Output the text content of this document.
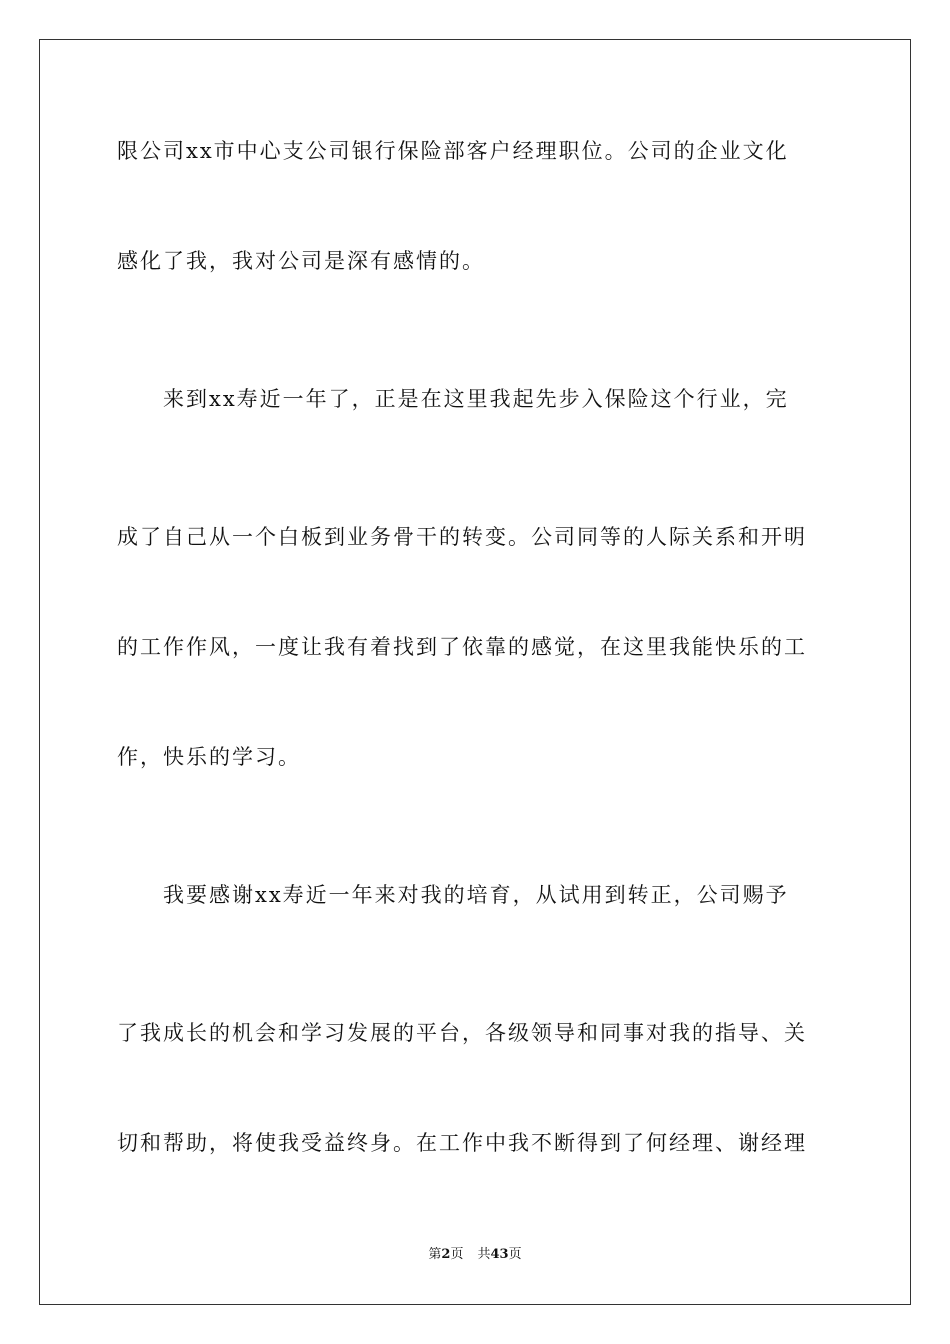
限公司xx市中心支公司银行保险部客户经理职位。公司的企业文化
感化了我，我对公司是深有感情的。
　　来到xx寿近一年了，正是在这里我起先步入保险这个行业，完
成了自己从一个白板到业务骨干的转变。公司同等的人际关系和开明
的工作作风，一度让我有着找到了依靠的感觉，在这里我能快乐的工
作，快乐的学习。
　　我要感谢xx寿近一年来对我的培育，从试用到转正，公司赐予
了我成长的机会和学习发展的平台，各级领导和同事对我的指导、关
切和帮助，将使我受益终身。在工作中我不断得到了何经理、谢经理
第2页 共43页
